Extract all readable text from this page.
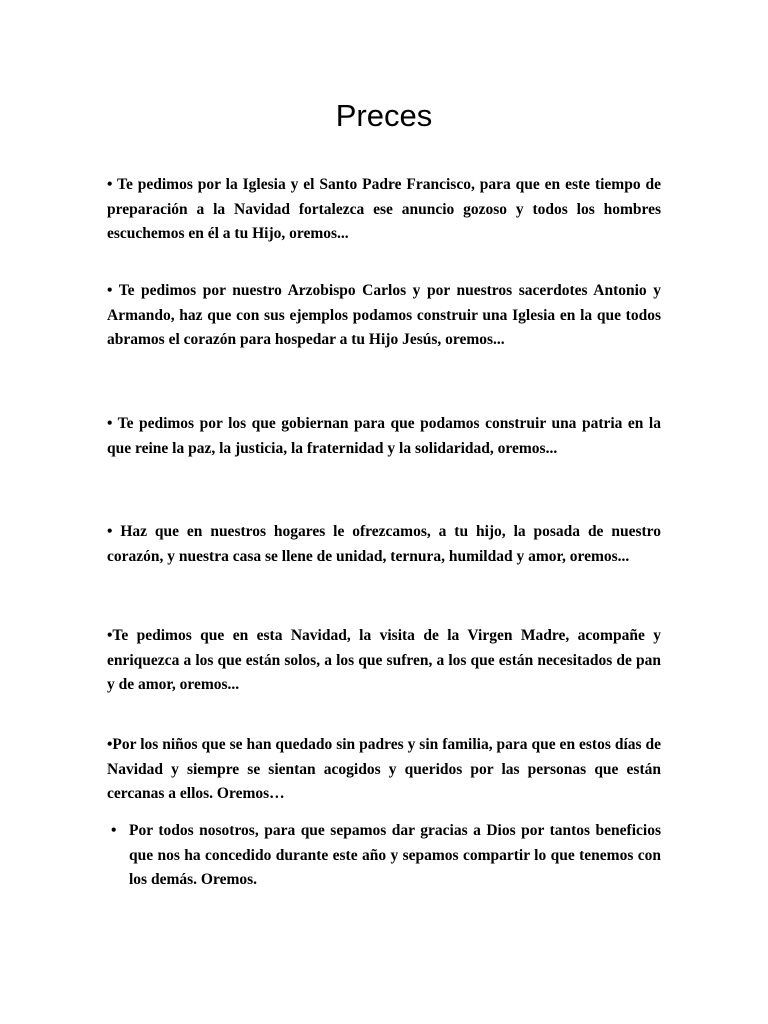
Preces

• Te pedimos por la Iglesia y el Santo Padre Francisco, para que en este tiempo de preparación a la Navidad fortalezca ese anuncio gozoso y todos los hombres escuchemos en él a tu Hijo, oremos...

• Te pedimos por nuestro Arzobispo Carlos y por nuestros sacerdotes Antonio y Armando, haz que con sus ejemplos podamos construir una Iglesia en la que todos abramos el corazón para hospedar a tu Hijo Jesús, oremos...

• Te pedimos por los que gobiernan para que podamos construir una patria en la que reine la paz, la justicia, la fraternidad y la solidaridad, oremos...

• Haz que en nuestros hogares le ofrezcamos, a tu hijo, la posada de nuestro corazón, y nuestra casa se llene de unidad, ternura, humildad y amor, oremos...

•Te pedimos que en esta Navidad, la visita de la Virgen Madre, acompañe y enriquezca a los que están solos, a los que sufren, a los que están necesitados de pan y de amor, oremos...

•Por los niños que se han quedado sin padres y sin familia, para que en estos días de Navidad y siempre se sientan acogidos y queridos por las personas que están cercanas a ellos. Oremos…

• Por todos nosotros, para que sepamos dar gracias a Dios por tantos beneficios que nos ha concedido durante este año y sepamos compartir lo que tenemos con los demás. Oremos.
